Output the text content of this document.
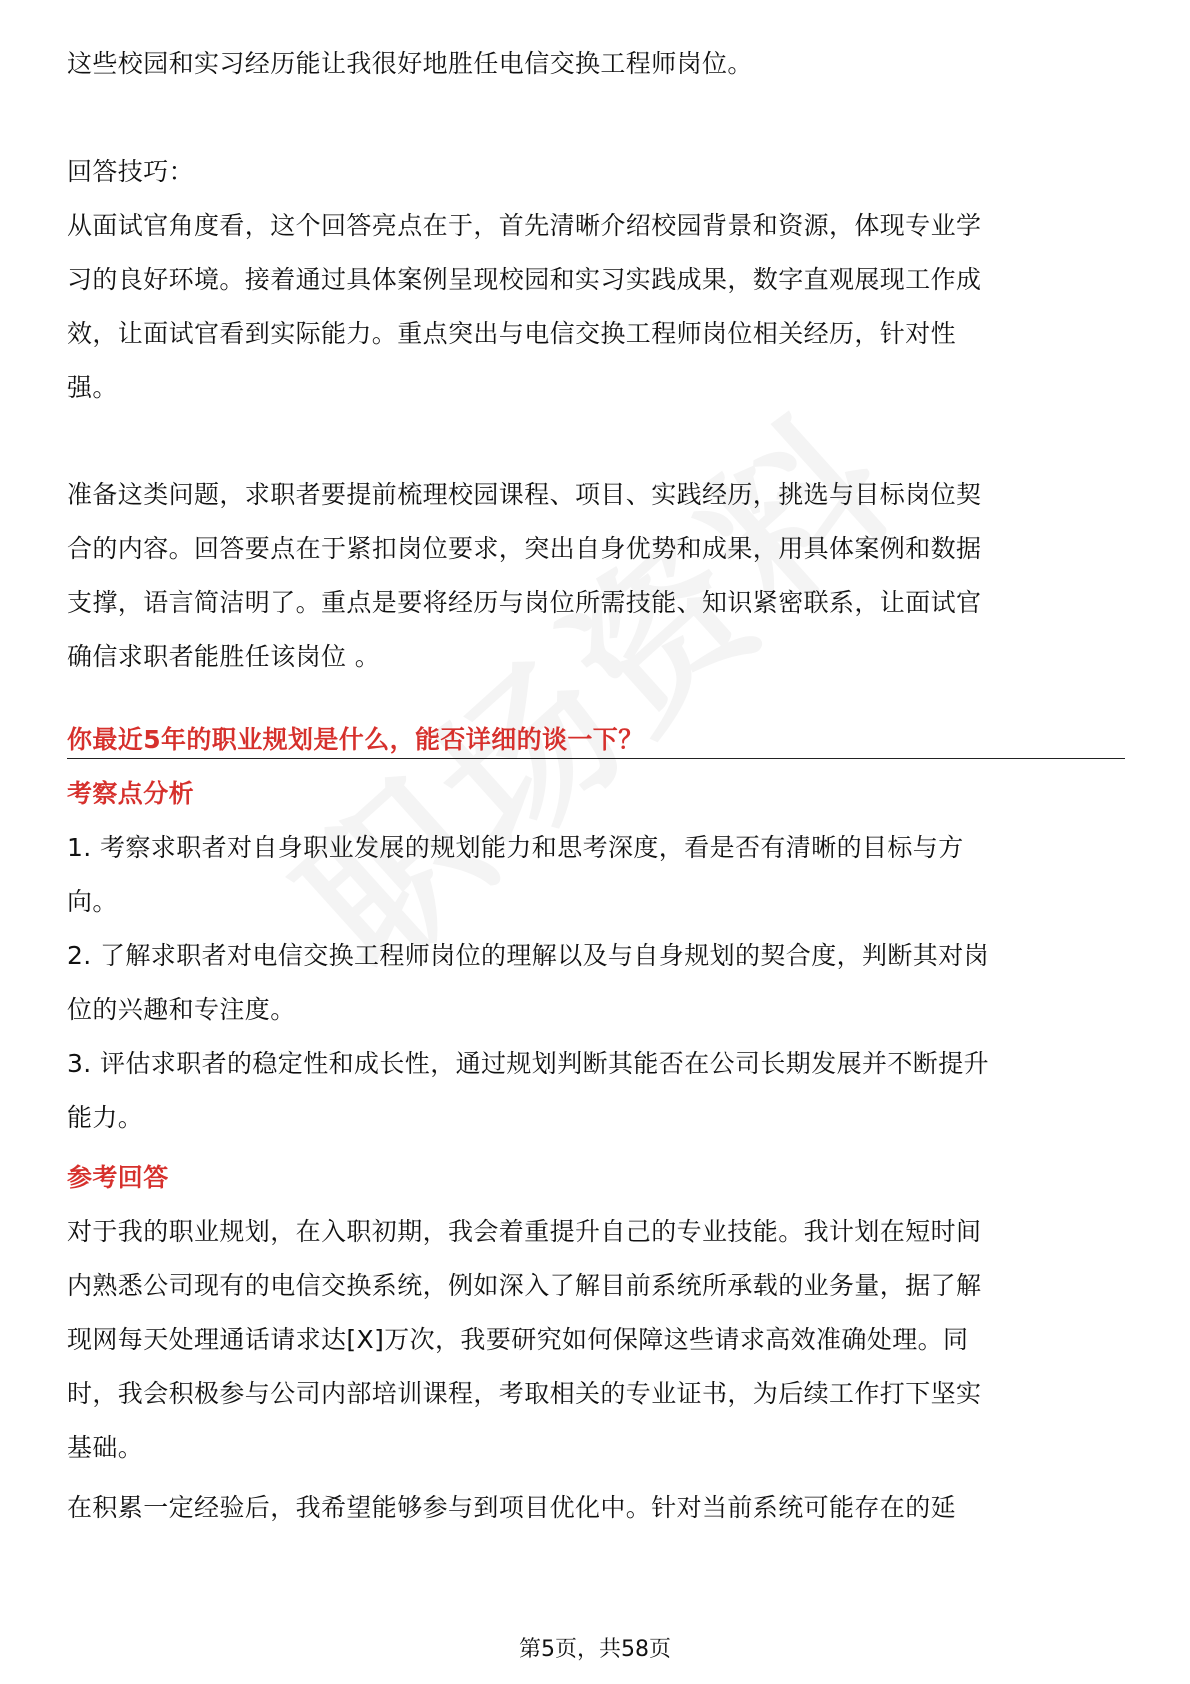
这些校园和实习经历能让我很好地胜任电信交换工程师岗位。

回答技巧：

从面试官角度看，这个回答亮点在于，首先清晰介绍校园背景和资源，体现专业学

习的良好环境。接着通过具体案例呈现校园和实习实践成果，数字直观展现工作成

效，让面试官看到实际能力。重点突出与电信交换工程师岗位相关经历，针对性

强。

准备这类问题，求职者要提前梳理校园课程、项目、实践经历，挑选与目标岗位契

合的内容。回答要点在于紧扣岗位要求，突出自身优势和成果，用具体案例和数据

支撑，语言简洁明了。重点是要将经历与岗位所需技能、知识紧密联系，让面试官

确信求职者能胜任该岗位 。

你最近5年的职业规划是什么，能否详细的谈一下？

考察点分析

1. 考察求职者对自身职业发展的规划能力和思考深度，看是否有清晰的目标与方

向。

2. 了解求职者对电信交换工程师岗位的理解以及与自身规划的契合度，判断其对岗

位的兴趣和专注度。

3. 评估求职者的稳定性和成长性，通过规划判断其能否在公司长期发展并不断提升

能力。

参考回答

对于我的职业规划，在入职初期，我会着重提升自己的专业技能。我计划在短时间

内熟悉公司现有的电信交换系统，例如深入了解目前系统所承载的业务量，据了解

现网每天处理通话请求达[X]万次，我要研究如何保障这些请求高效准确处理。同

时，我会积极参与公司内部培训课程，考取相关的专业证书，为后续工作打下坚实

基础。

在积累一定经验后，我希望能够参与到项目优化中。针对当前系统可能存在的延

第5页，共58页
